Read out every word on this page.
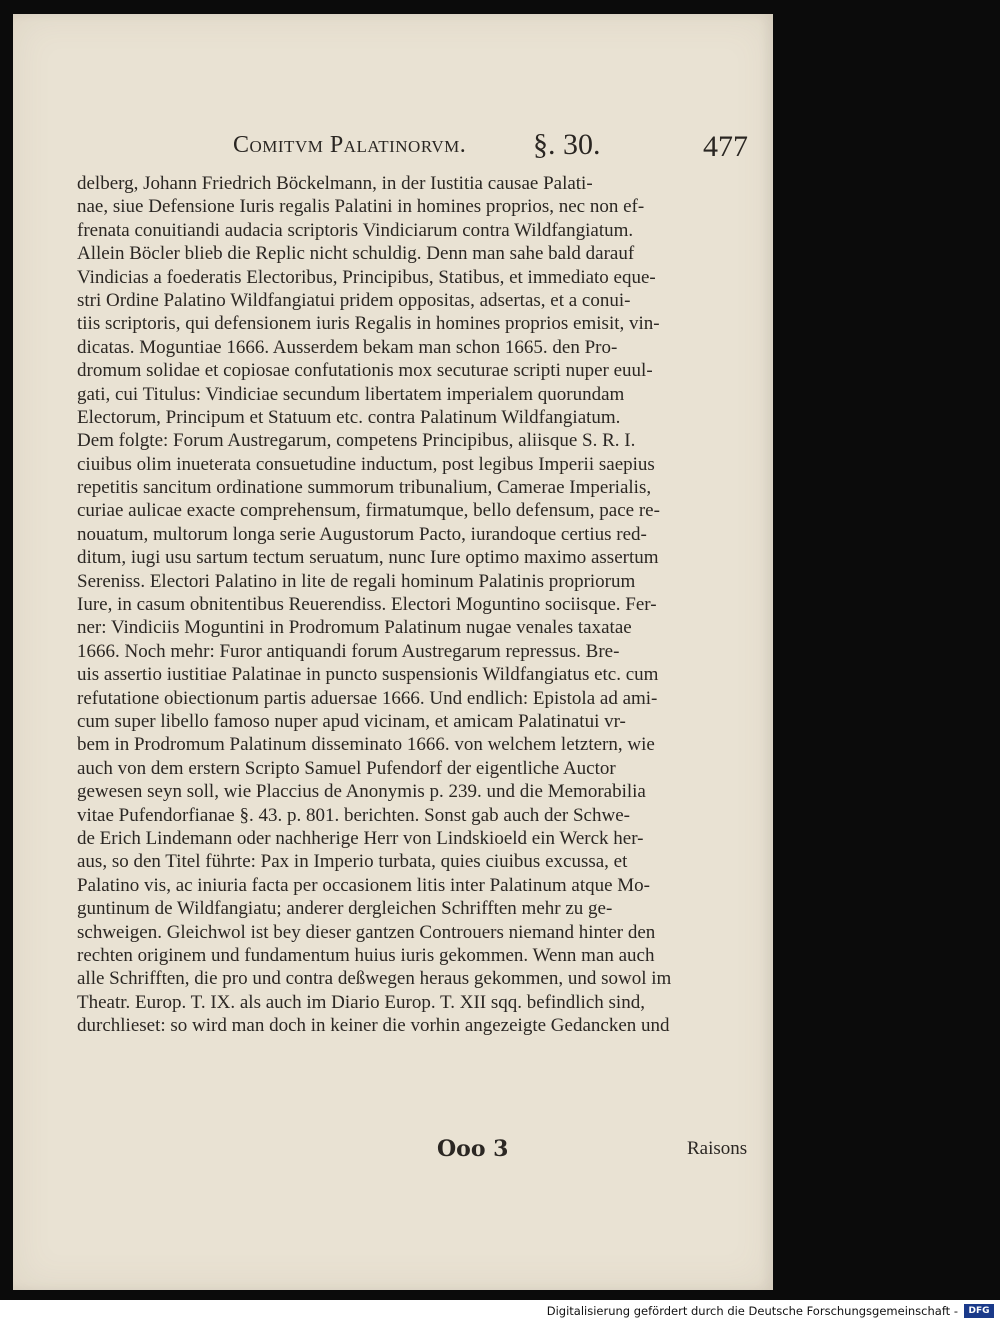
Comitvm Palatinorvm. §. 30.	477
delberg, Johann Friedrich Böckelmann, in der Iustitia causae Palati-
nae, siue Defensione Iuris regalis Palatini in homines proprios, nec non ef-
frenata conuitiandi audacia scriptoris Vindiciarum contra Wildfangiatum.
Allein Böcler blieb die Replic nicht schuldig. Denn man sahe bald darauf
Vindicias a foederatis Electoribus, Principibus, Statibus, et immediato eque-
stri Ordine Palatino Wildfangiatui pridem oppositas, adsertas, et a conui-
tiis scriptoris, qui defensionem iuris Regalis in homines proprios emisit, vin-
dicatas. Moguntiae 1666. Ausserdem bekam man schon 1665. den Pro-
dromum solidae et copiosae confutationis mox secuturae scripti nuper euul-
gati, cui Titulus: Vindiciae secundum libertatem imperialem quorundam
Electorum, Principum et Statuum etc. contra Palatinum Wildfangiatum.
Dem folgte: Forum Austregarum, competens Principibus, aliisque S. R. I.
ciuibus olim inueterata consuetudine inductum, post legibus Imperii saepius
repetitis sancitum ordinatione summorum tribunalium, Camerae Imperialis,
curiae aulicae exacte comprehensum, firmatumque, bello defensum, pace re-
nouatum, multorum longa serie Augustorum Pacto, iurandoque certius red-
ditum, iugi usu sartum tectum seruatum, nunc Iure optimo maximo assertum
Sereniss. Electori Palatino in lite de regali hominum Palatinis propriorum
Iure, in casum obnitentibus Reuerendiss. Electori Moguntino sociisque. Fer-
ner: Vindiciis Moguntini in Prodromum Palatinum nugae venales taxatae
1666. Noch mehr: Furor antiquandi forum Austregarum repressus. Bre-
uis assertio iustitiae Palatinae in puncto suspensionis Wildfangiatus etc. cum
refutatione obiectionum partis aduersae 1666. Und endlich: Epistola ad ami-
cum super libello famoso nuper apud vicinam, et amicam Palatinatui vr-
bem in Prodromum Palatinum disseminato 1666. von welchem letztern, wie
auch von dem erstern Scripto Samuel Pufendorf der eigentliche Auctor
gewesen seyn soll, wie Placcius de Anonymis p. 239. und die Memorabilia
vitae Pufendorfianae §. 43. p. 801. berichten. Sonst gab auch der Schwe-
de Erich Lindemann oder nachherige Herr von Lindskioeld ein Werck her-
aus, so den Titel führte: Pax in Imperio turbata, quies ciuibus excussa, et
Palatino vis, ac iniuria facta per occasionem litis inter Palatinum atque Mo-
guntinum de Wildfangiatu; anderer dergleichen Schrifften mehr zu ge-
schweigen. Gleichwol ist bey dieser gantzen Controuers niemand hinter den
rechten originem und fundamentum huius iuris gekommen. Wenn man auch
alle Schrifften, die pro und contra deßwegen heraus gekommen, und sowol im
Theatr. Europ. T. IX. als auch im Diario Europ. T. XII sqq. befindlich sind,
durchlieset: so wird man doch in keiner die vorhin angezeigte Gedancken und
Ooo 3	Raisons
Digitalisierung gefördert durch die Deutsche Forschungsgemeinschaft -	DFG
